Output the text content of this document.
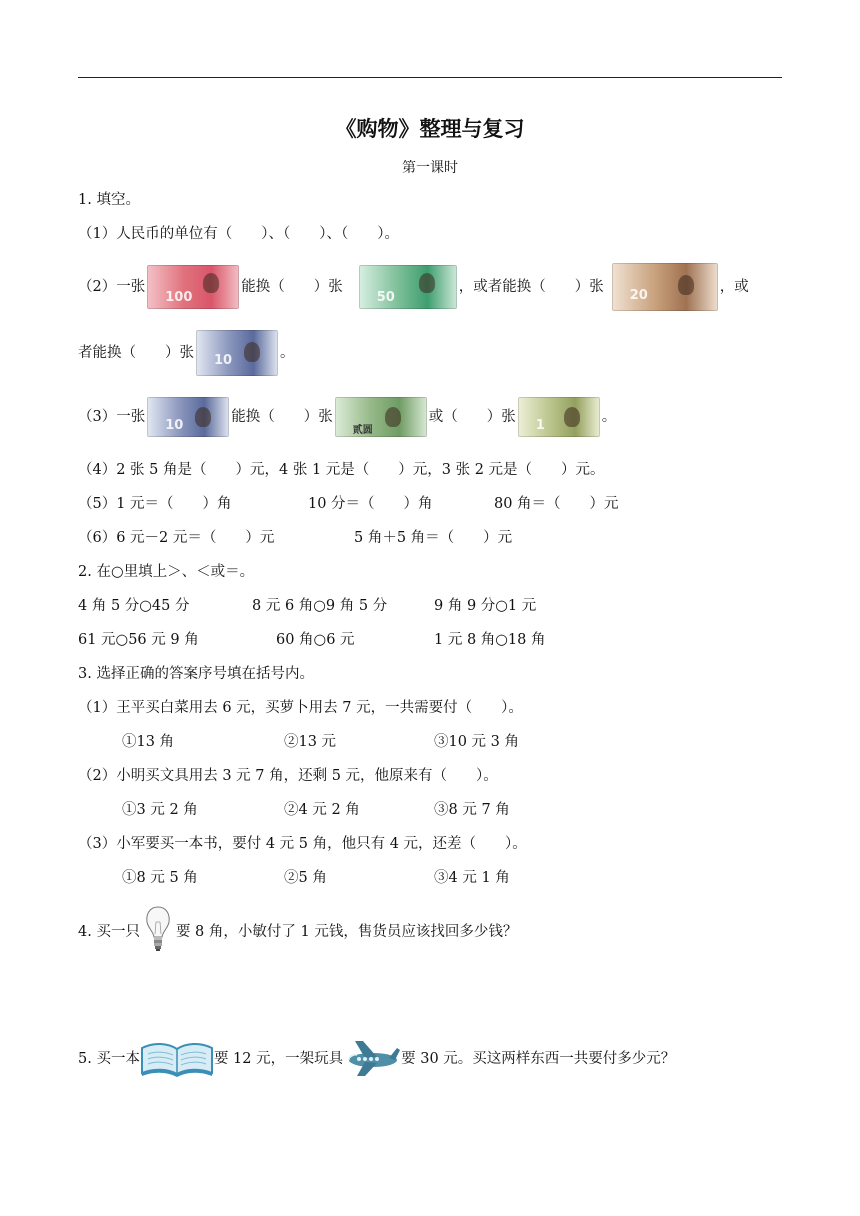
《购物》整理与复习
第一课时
1. 填空。
（1）人民币的单位有（　　）、（　　）、（　　）。
（2）一张
100
能换（　　）张
50
，或者能换（　　）张
20
，或
者能换（　　）张 10	。
（3）一张
10
能换（　　）张
贰圆
或（　　）张
1
。
（4）2 张 5 角是（　　）元，4 张 1 元是（　　）元，3 张 2 元是（　　）元。
（5）1 元＝（　　）角	10 分＝（　　）角	80 角＝（　　）元
（6）6 元－2 元＝（　　）元	5 角＋5 角＝（　　）元
2. 在○里填上＞、＜或＝。
4 角 5 分○45 分	8 元 6 角○9 角 5 分	9 角 9 分○1 元
61 元○56 元 9 角	60 角○6 元	1 元 8 角○18 角
3. 选择正确的答案序号填在括号内。
（1）王平买白菜用去 6 元，买萝卜用去 7 元，一共需要付（　　）。
①13 角	②13 元	③10 元 3 角
（2）小明买文具用去 3 元 7 角，还剩 5 元，他原来有（　　）。
①3 元 2 角	②4 元 2 角	③8 元 7 角
（3）小军要买一本书，要付 4 元 5 角，他只有 4 元，还差（　　）。
①8 元 5 角	②5 角	③4 元 1 角
4. 买一只 要 8 角，小敏付了 1 元钱，售货员应该找回多少钱？
5. 买一本	要 12 元，一架玩具	要 30 元。买这两样东西一共要付多少元？
